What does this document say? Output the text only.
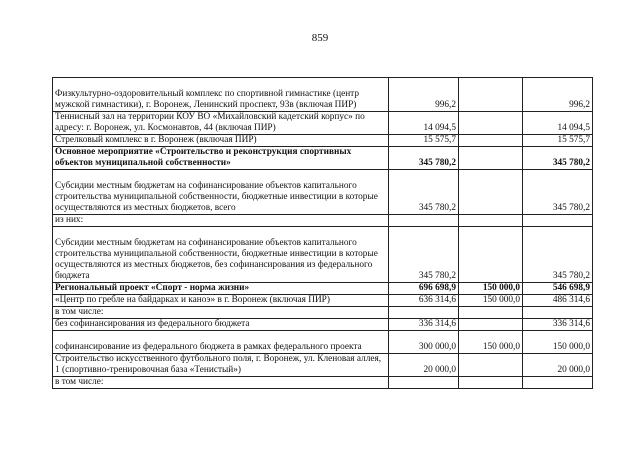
859
Физкультурно-оздоровительный комплекс по спортивной гимнастике (центр мужской гимнастики), г. Воронеж, Ленинский проспект, 93в (включая ПИР)	996,2		996,2
Теннисный зал на территории КОУ ВО «Михайловский кадетский корпус» по адресу: г. Воронеж, ул. Космонавтов, 44 (включая ПИР)	14 094,5		14 094,5
Стрелковый комплекс в г. Воронеж (включая ПИР)	15 575,7		15 575,7
Основное мероприятие «Строительство и реконструкция спортивных объектов муниципальной собственности»	345 780,2		345 780,2
Субсидии местным бюджетам на софинансирование объектов капитального строительства муниципальной собственности, бюджетные инвестиции в которые осуществляются из местных бюджетов, всего	345 780,2		345 780,2
из них:			
Субсидии местным бюджетам на софинансирование объектов капитального строительства муниципальной собственности, бюджетные инвестиции в которые осуществляются из местных бюджетов, без софинансирования из федерального бюджета	345 780,2		345 780,2
Региональный проект «Спорт - норма жизни»	696 698,9	150 000,0	546 698,9
«Центр по гребле на байдарках и каноэ» в г. Воронеж (включая ПИР)	636 314,6	150 000,0	486 314,6
в том числе:			
без софинансирования из федерального бюджета	336 314,6		336 314,6
софинансирование из федерального бюджета в рамках федерального проекта	300 000,0	150 000,0	150 000,0
Строительство искусственного футбольного поля, г. Воронеж, ул. Кленовая аллея, 1 (спортивно-тренировочная база «Тенистый»)	20 000,0		20 000,0
в том числе:			
